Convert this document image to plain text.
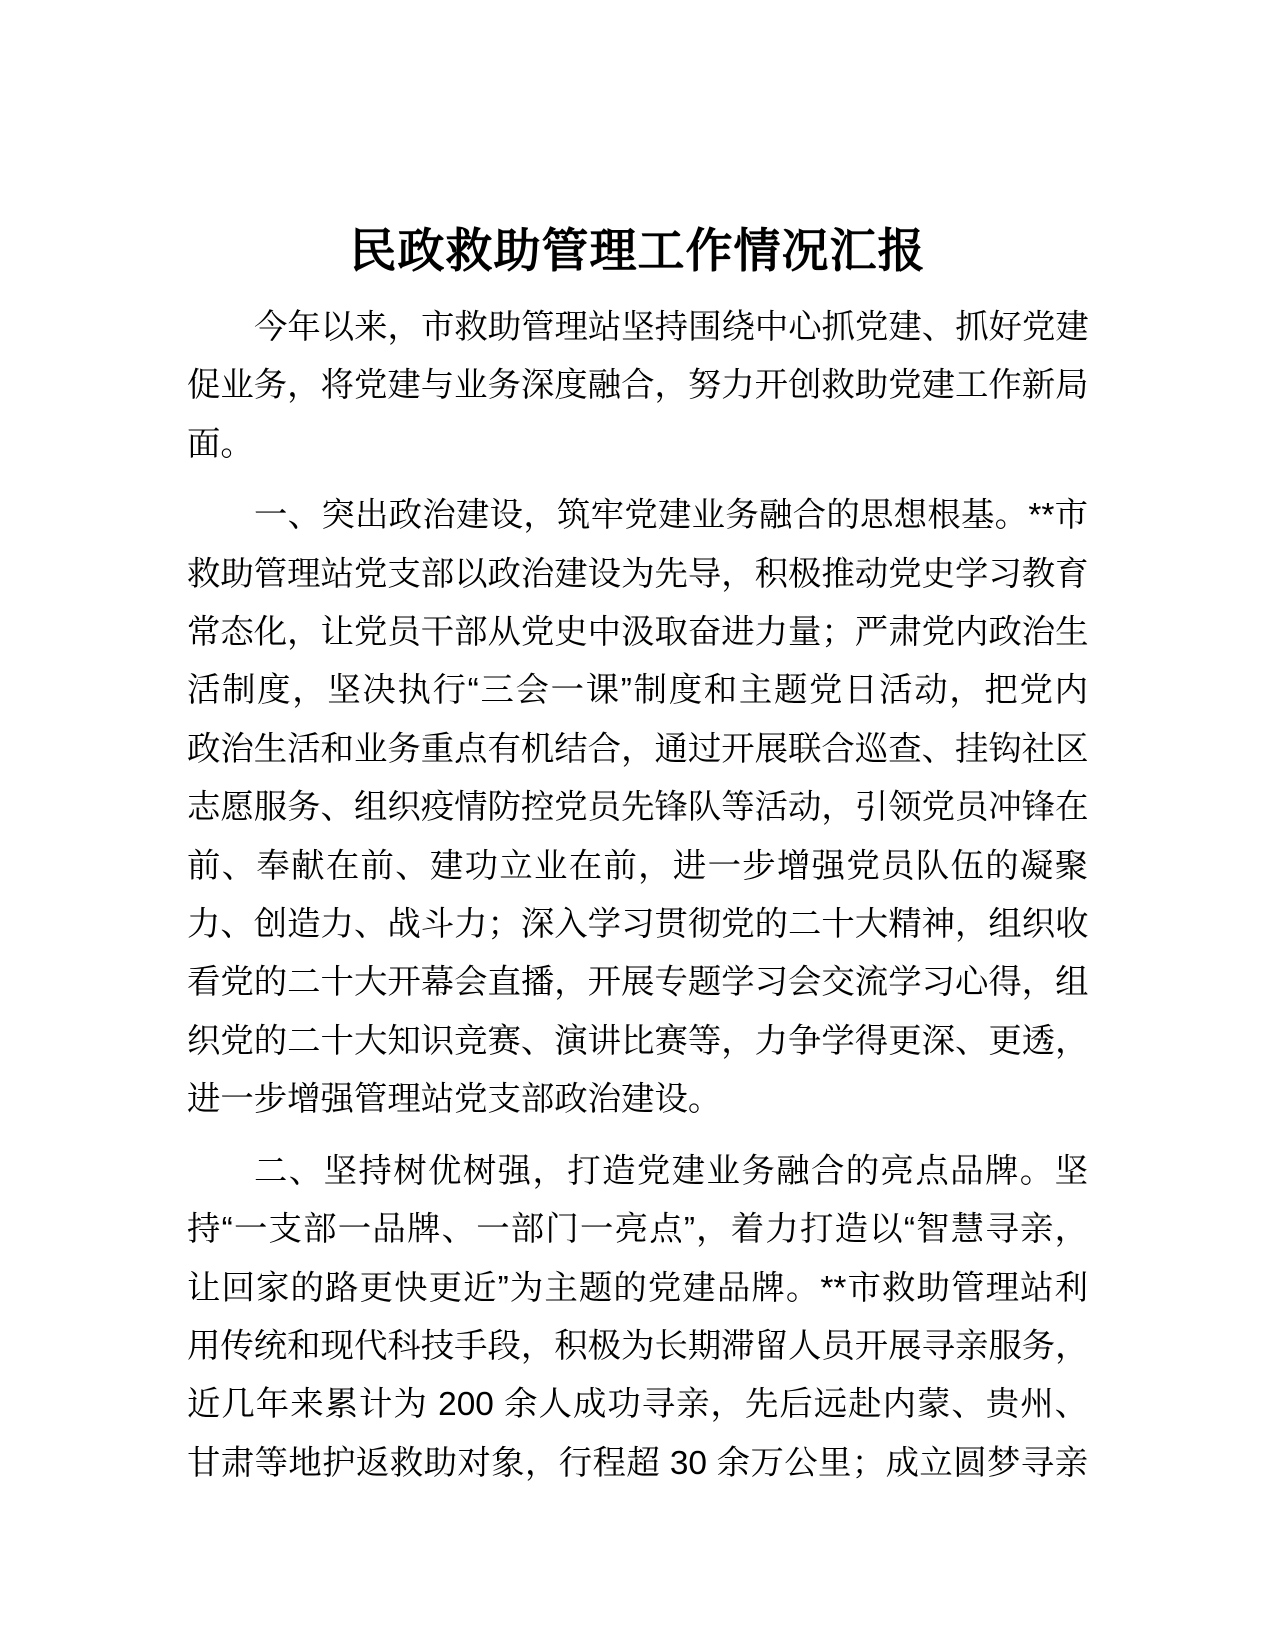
民政救助管理工作情况汇报
今年以来，市救助管理站坚持围绕中心抓党建、抓好党建
促业务，将党建与业务深度融合，努力开创救助党建工作新局
面。
一、突出政治建设，筑牢党建业务融合的思想根基。**市
救助管理站党支部以政治建设为先导，积极推动党史学习教育
常态化，让党员干部从党史中汲取奋进力量；严肃党内政治生
活制度，坚决执行“三会一课”制度和主题党日活动，把党内
政治生活和业务重点有机结合，通过开展联合巡查、挂钩社区
志愿服务、组织疫情防控党员先锋队等活动，引领党员冲锋在
前、奉献在前、建功立业在前，进一步增强党员队伍的凝聚
力、创造力、战斗力；深入学习贯彻党的二十大精神，组织收
看党的二十大开幕会直播，开展专题学习会交流学习心得，组
织党的二十大知识竞赛、演讲比赛等，力争学得更深、更透，
进一步增强管理站党支部政治建设。
二、坚持树优树强，打造党建业务融合的亮点品牌。坚
持“一支部一品牌、一部门一亮点”，着力打造以“智慧寻亲，
让回家的路更快更近”为主题的党建品牌。**市救助管理站利
用传统和现代科技手段，积极为长期滞留人员开展寻亲服务，
近几年来累计为 200 余人成功寻亲，先后远赴内蒙、贵州、
甘肃等地护返救助对象，行程超 30 余万公里；成立圆梦寻亲
